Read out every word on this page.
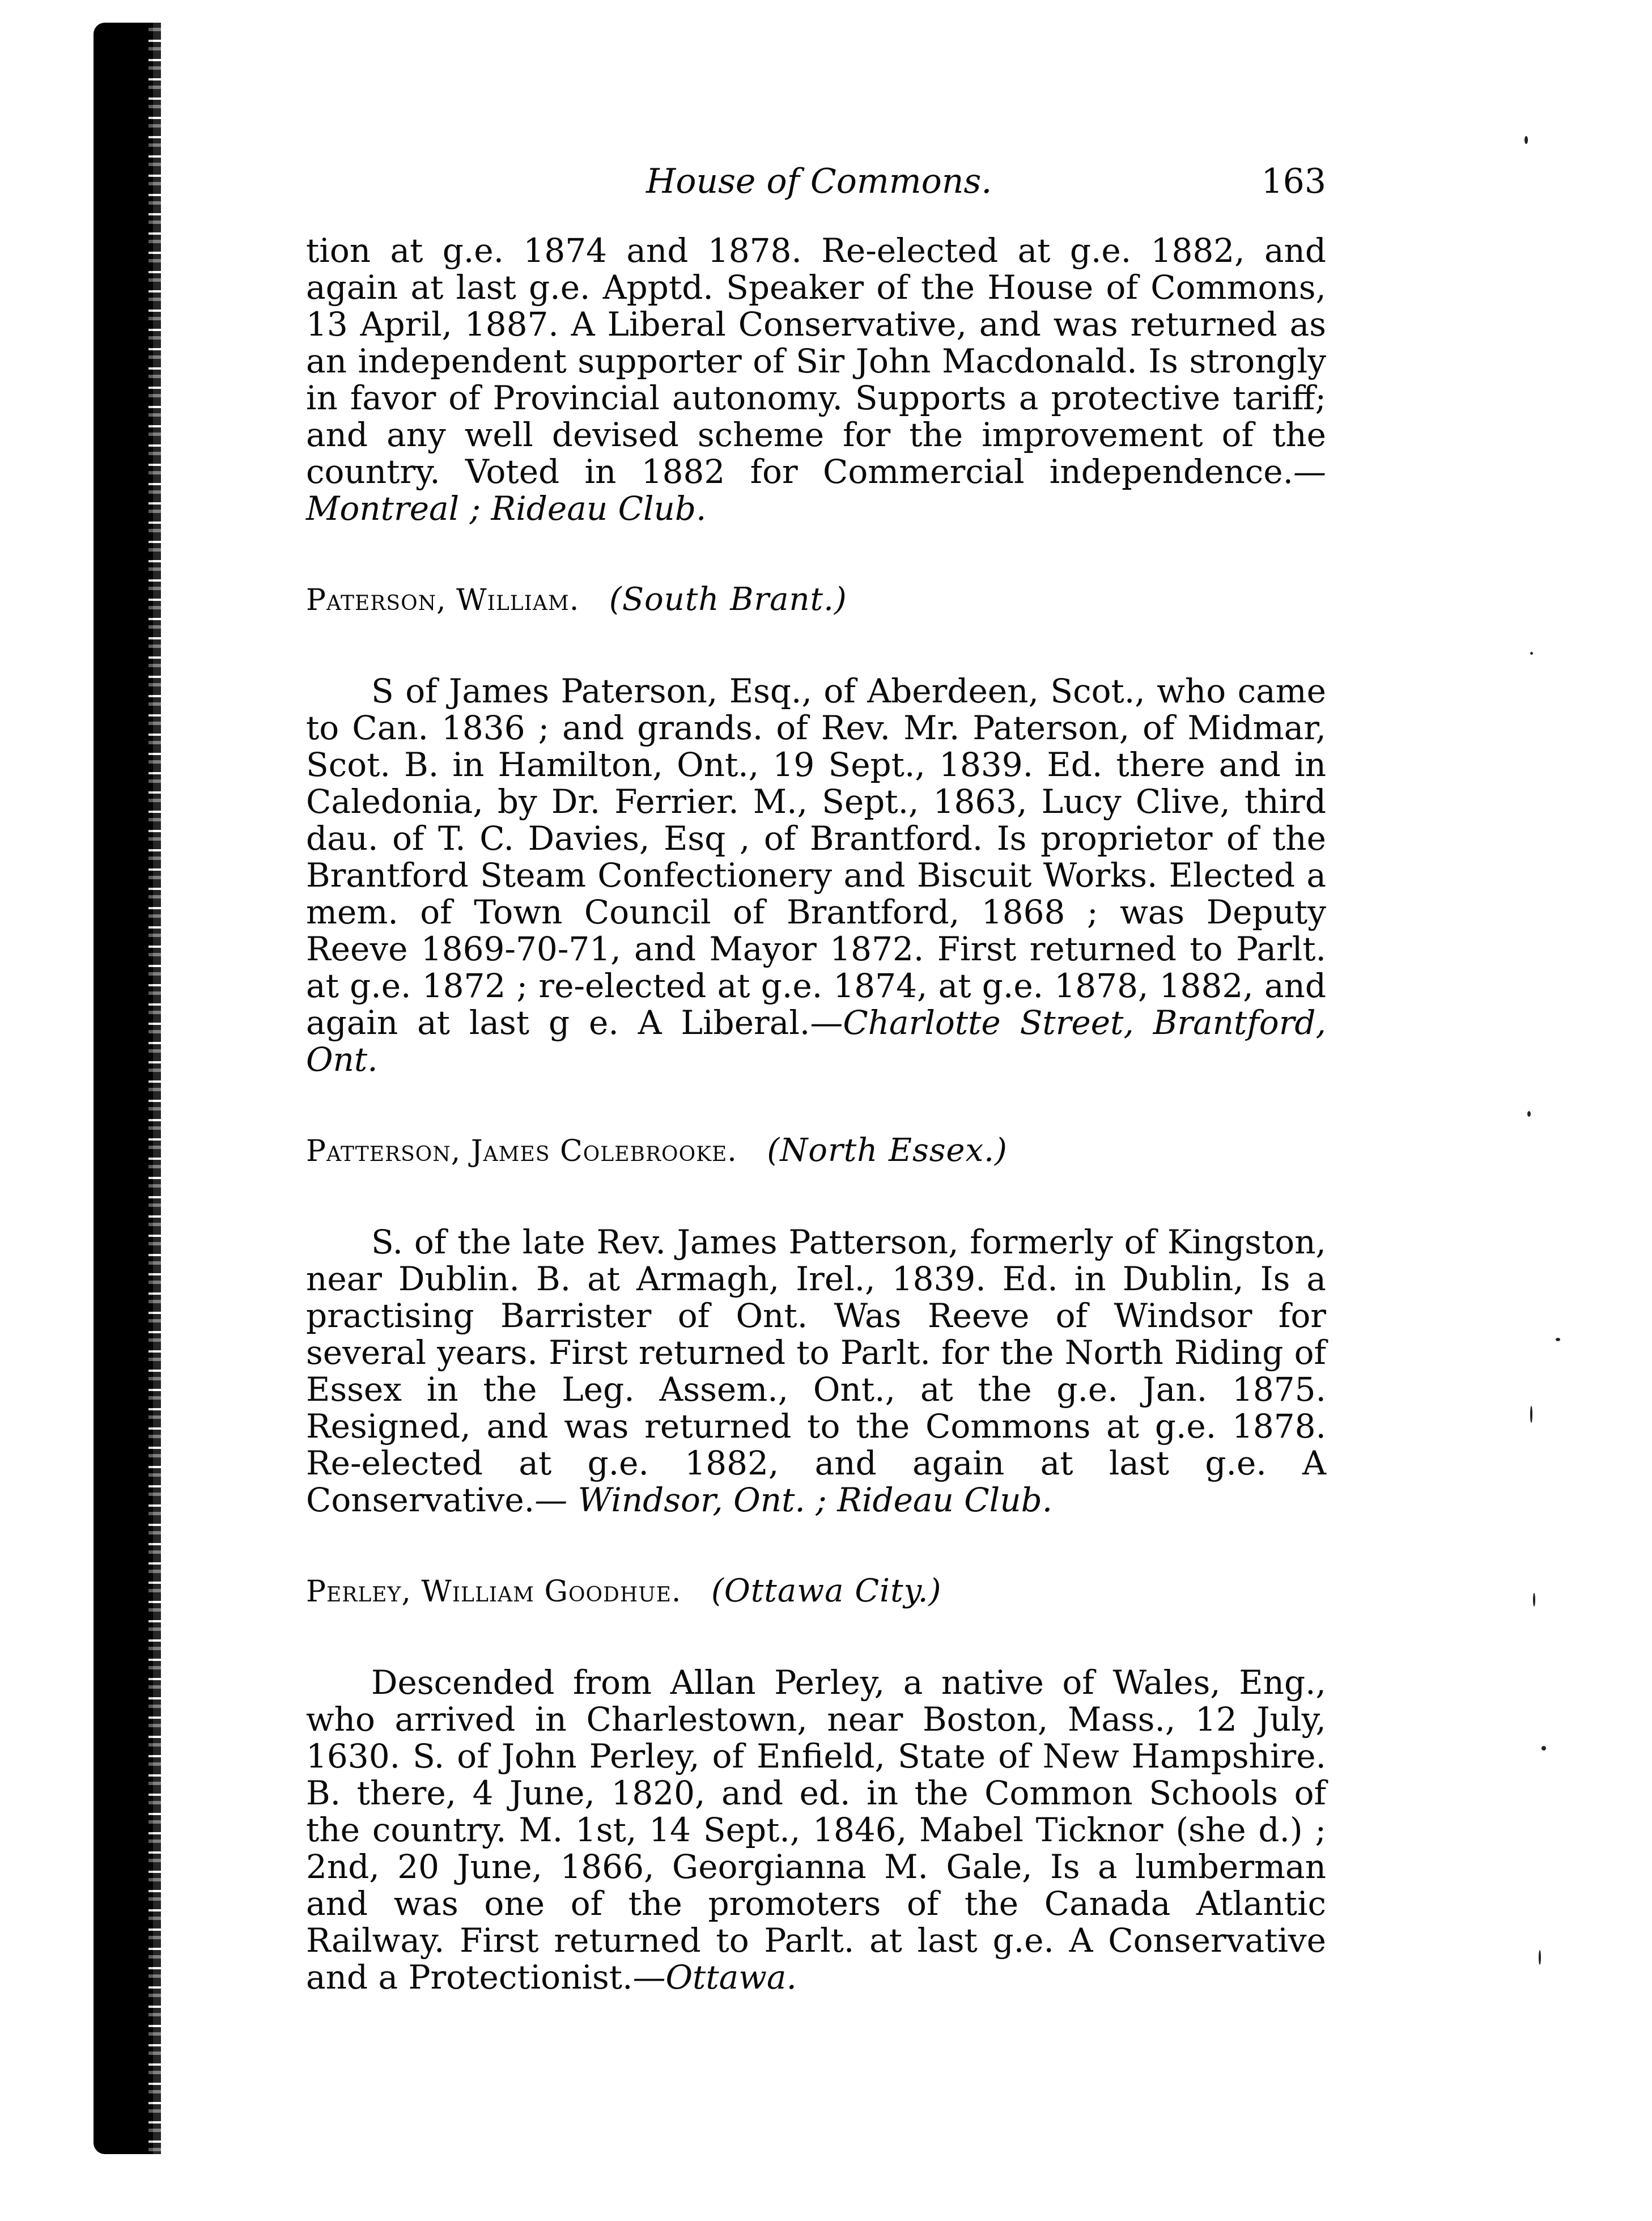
House of Commons.	163

tion at g.e. 1874 and 1878. Re-elected at g.e. 1882, and again at last g.e. Apptd. Speaker of the House of Commons, 13 April, 1887. A Liberal Conservative, and was returned as an independent supporter of Sir John Macdonald. Is strongly in favor of Provincial autonomy. Supports a protective tariff; and any well devised scheme for the improvement of the country. Voted in 1882 for Commercial independence.—Montreal ; Rideau Club.

Paterson, William. (South Brant.)

S of James Paterson, Esq., of Aberdeen, Scot., who came to Can. 1836 ; and grands. of Rev. Mr. Paterson, of Midmar, Scot. B. in Hamilton, Ont., 19 Sept., 1839. Ed. there and in Caledonia, by Dr. Ferrier. M., Sept., 1863, Lucy Clive, third dau. of T. C. Davies, Esq , of Brantford. Is proprietor of the Brantford Steam Confectionery and Biscuit Works. Elected a mem. of Town Council of Brantford, 1868 ; was Deputy Reeve 1869-70-71, and Mayor 1872. First returned to Parlt. at g.e. 1872 ; re-elected at g.e. 1874, at g.e. 1878, 1882, and again at last g e. A Liberal.—Charlotte Street, Brantford, Ont.

Patterson, James Colebrooke. (North Essex.)

S. of the late Rev. James Patterson, formerly of Kingston, near Dublin. B. at Armagh, Irel., 1839. Ed. in Dublin, Is a practising Barrister of Ont. Was Reeve of Windsor for several years. First returned to Parlt. for the North Riding of Essex in the Leg. Assem., Ont., at the g.e. Jan. 1875. Resigned, and was returned to the Commons at g.e. 1878. Re-elected at g.e. 1882, and again at last g.e. A Conservative.— Windsor, Ont. ; Rideau Club.

Perley, William Goodhue. (Ottawa City.)

Descended from Allan Perley, a native of Wales, Eng., who arrived in Charlestown, near Boston, Mass., 12 July, 1630. S. of John Perley, of Enfield, State of New Hampshire. B. there, 4 June, 1820, and ed. in the Common Schools of the country. M. 1st, 14 Sept., 1846, Mabel Ticknor (she d.) ; 2nd, 20 June, 1866, Georgianna M. Gale, Is a lumberman and was one of the promoters of the Canada Atlantic Railway. First returned to Parlt. at last g.e. A Conservative and a Protectionist.—Ottawa.
